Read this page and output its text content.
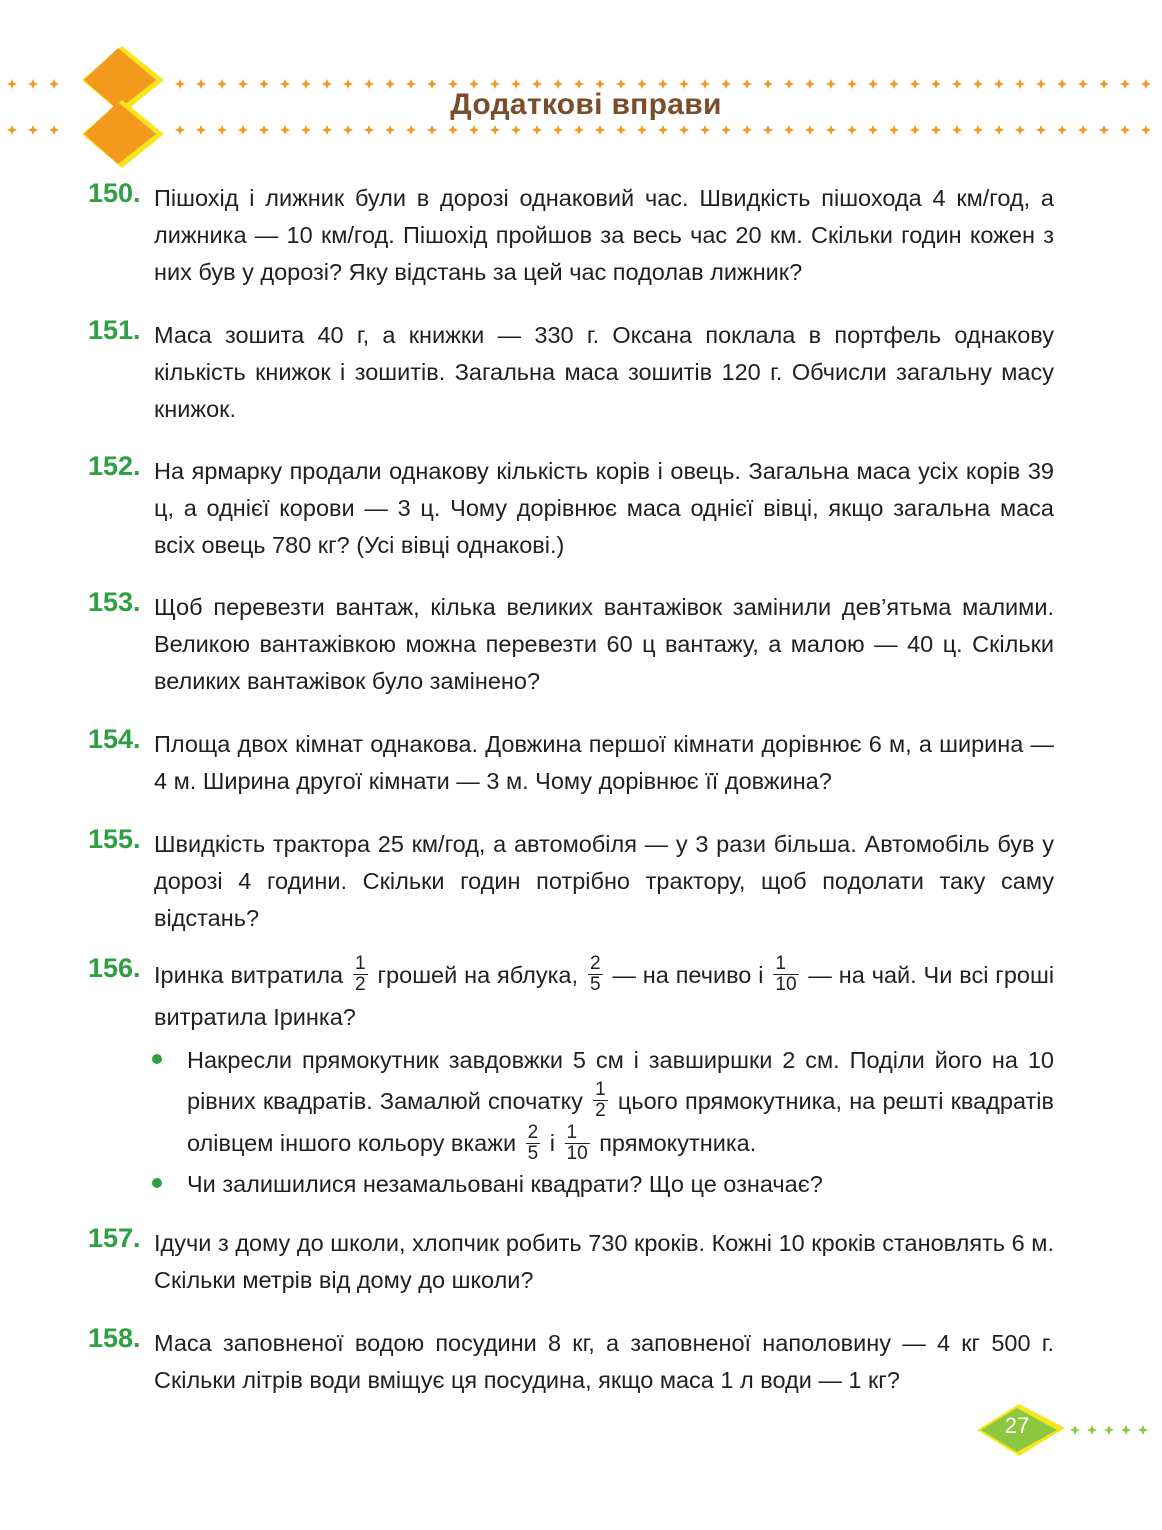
Додаткові вправи
150. Пішохід і лижник були в дорозі однаковий час. Швидкість пішохода 4 км/год, а лижника — 10 км/год. Пішохід пройшов за весь час 20 км. Скільки годин кожен з них був у дорозі? Яку відстань за цей час подолав лижник?
151. Маса зошита 40 г, а книжки — 330 г. Оксана поклала в портфель однакову кількість книжок і зошитів. Загальна маса зошитів 120 г. Обчисли загальну масу книжок.
152. На ярмарку продали однакову кількість корів і овець. Загальна маса усіх корів 39 ц, а однієї корови — 3 ц. Чому дорівнює маса однієї вівці, якщо загальна маса всіх овець 780 кг? (Усі вівці однакові.)
153. Щоб перевезти вантаж, кілька великих вантажівок замінили дев’ятьма малими. Великою вантажівкою можна перевезти 60 ц вантажу, а малою — 40 ц. Скільки великих вантажівок було замінено?
154. Площа двох кімнат однакова. Довжина першої кімнати дорівнює 6 м, а ширина — 4 м. Ширина другої кімнати — 3 м. Чому дорівнює її довжина?
155. Швидкість трактора 25 км/год, а автомобіля — у 3 рази більша. Автомобіль був у дорозі 4 години. Скільки годин потрібно трактору, щоб подолати таку саму відстань?
156. Іринка витратила $\frac{1}{2}$ грошей на яблука, $\frac{2}{5}$ — на печиво і $\frac{1}{10}$ — на чай. Чи всі гроші витратила Іринка?
Накресли прямокутник завдовжки 5 см і завширшки 2 см. Поділи його на 10 рівних квадратів. Замалюй спочатку $\frac{1}{2}$ цього прямокутника, на решті квадратів олівцем іншого кольору вкажи $\frac{2}{5}$ і $\frac{1}{10}$ прямокутника.
Чи залишилися незамальовані квадрати? Що це означає?
157. Ідучи з дому до школи, хлопчик робить 730 кроків. Кожні 10 кроків становлять 6 м. Скільки метрів від дому до школи?
158. Маса заповненої водою посудини 8 кг, а заповненої наполовину — 4 кг 500 г. Скільки літрів води вміщує ця посудина, якщо маса 1 л води — 1 кг?
27
